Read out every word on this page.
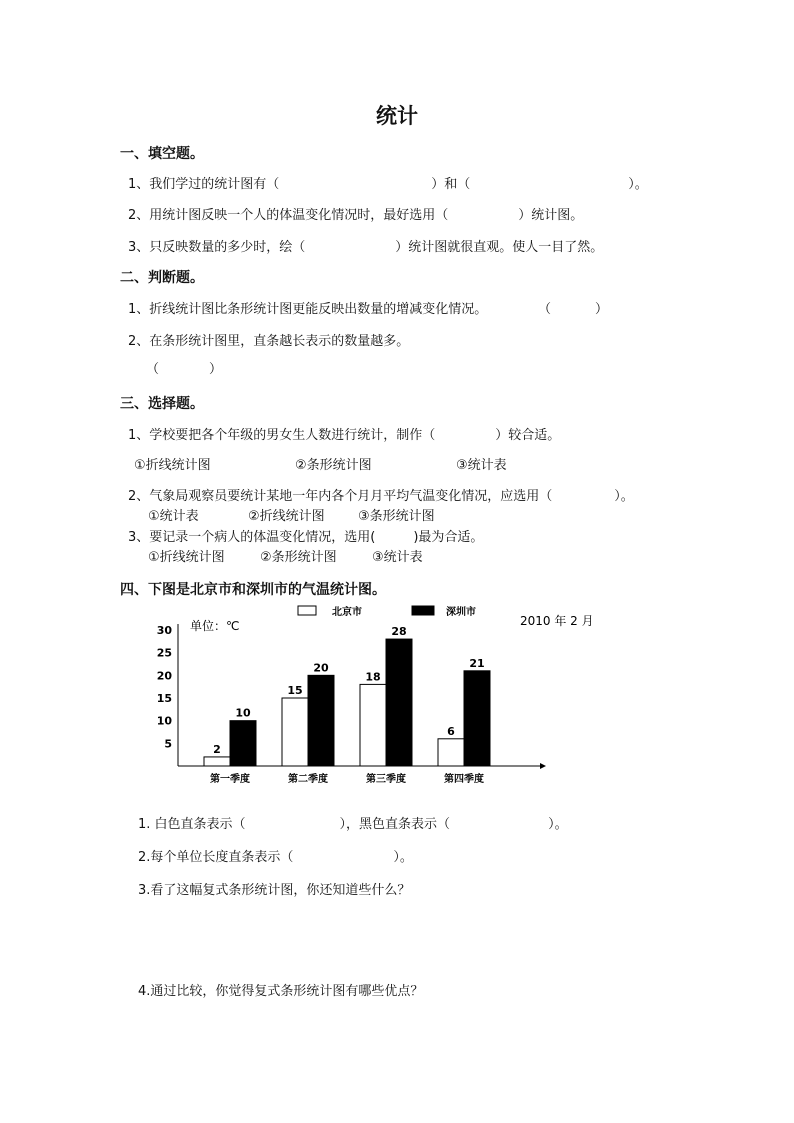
统计
一、填空题。
1、我们学过的统计图有（	）和（	）。
2、用统计图反映一个人的体温变化情况时，最好选用（	）统计图。
3、只反映数量的多少时，绘（	）统计图就很直观。使人一目了然。
二、判断题。
1、折线统计图比条形统计图更能反映出数量的增减变化情况。	（	）
2、在条形统计图里，直条越长表示的数量越多。
（	）
三、选择题。
1、学校要把各个年级的男女生人数进行统计，制作（	）较合适。
①折线统计图	②条形统计图	③统计表
2、气象局观察员要统计某地一年内各个月月平均气温变化情况，应选用（	）。
①统计表	②折线统计图	③条形统计图
3、要记录一个病人的体温变化情况，选用(	)最为合适。
①折线统计图	②条形统计图	③统计表
四、下图是北京市和深圳市的气温统计图。
5
10
15
20
25
30 单位：℃	2010 年 2 月
北京市	深圳市
2
10
第一季度
15
20
第二季度
18
28
第三季度
6
21
第四季度
1. 白色直条表示（	），黑色直条表示（	）。
2.每个单位长度直条表示（	）。
3.看了这幅复式条形统计图，你还知道些什么？
4.通过比较，你觉得复式条形统计图有哪些优点？
